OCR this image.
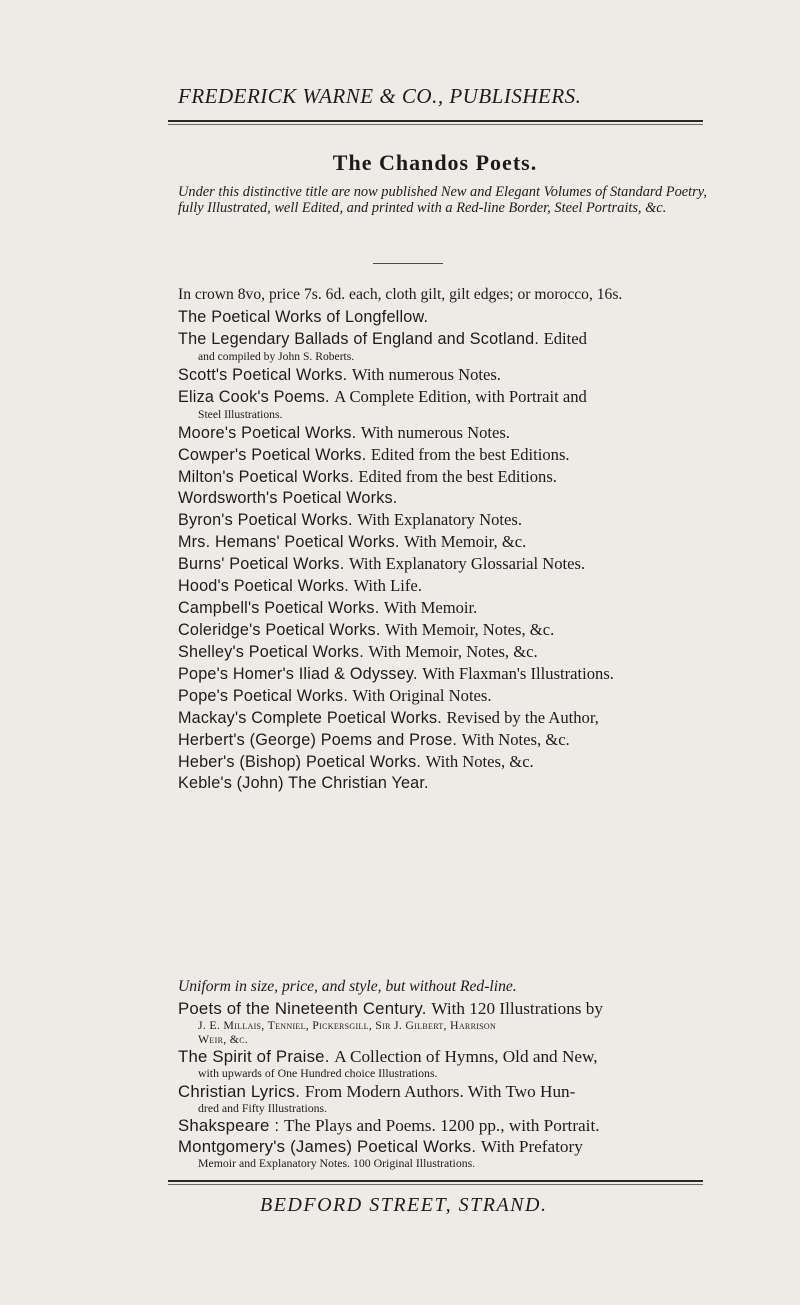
FREDERICK WARNE & CO., PUBLISHERS.
The Chandos Poets.
Under this distinctive title are now published New and Elegant Volumes of Standard Poetry, fully Illustrated, well Edited, and printed with a Red-line Border, Steel Portraits, &c.
In crown 8vo, price 7s. 6d. each, cloth gilt, gilt edges; or morocco, 16s.
The Poetical Works of Longfellow.
The Legendary Ballads of England and Scotland. Edited
and compiled by John S. Roberts.
Scott's Poetical Works. With numerous Notes.
Eliza Cook's Poems. A Complete Edition, with Portrait and
Steel Illustrations.
Moore's Poetical Works. With numerous Notes.
Cowper's Poetical Works. Edited from the best Editions.
Milton's Poetical Works. Edited from the best Editions.
Wordsworth's Poetical Works.
Byron's Poetical Works. With Explanatory Notes.
Mrs. Hemans' Poetical Works. With Memoir, &c.
Burns' Poetical Works. With Explanatory Glossarial Notes.
Hood's Poetical Works. With Life.
Campbell's Poetical Works. With Memoir.
Coleridge's Poetical Works. With Memoir, Notes, &c.
Shelley's Poetical Works. With Memoir, Notes, &c.
Pope's Homer's Iliad & Odyssey. With Flaxman's Illustrations.
Pope's Poetical Works. With Original Notes.
Mackay's Complete Poetical Works. Revised by the Author,
Herbert's (George) Poems and Prose. With Notes, &c.
Heber's (Bishop) Poetical Works. With Notes, &c.
Keble's (John) The Christian Year.
Uniform in size, price, and style, but without Red-line.
Poets of the Nineteenth Century. With 120 Illustrations by
J. E. Millais, Tenniel, Pickersgill, Sir J. Gilbert, Harrison
Weir, &c.
The Spirit of Praise. A Collection of Hymns, Old and New,
with upwards of One Hundred choice Illustrations.
Christian Lyrics. From Modern Authors. With Two Hun-
dred and Fifty Illustrations.
Shakspeare : The Plays and Poems. 1200 pp., with Portrait.
Montgomery's (James) Poetical Works. With Prefatory
Memoir and Explanatory Notes. 100 Original Illustrations.
BEDFORD STREET, STRAND.
